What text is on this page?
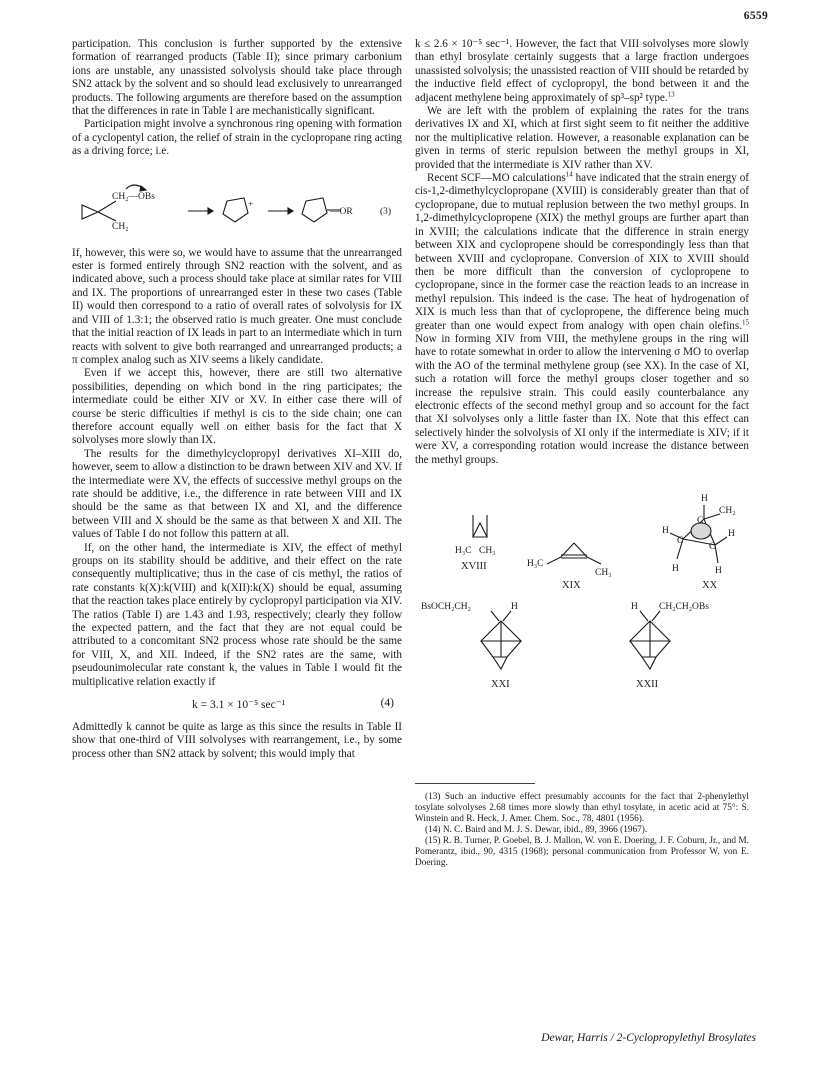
6559

participation. This conclusion is further supported by the extensive formation of rearranged products (Table II); since primary carbonium ions are unstable, any unassisted solvolysis should take place through SN2 attack by the solvent and so should lead exclusively to unrearranged products. The following arguments are therefore based on the assumption that the differences in rate in Table I are mechanistically significant.

Participation might involve a synchronous ring opening with formation of a cyclopentyl cation, the relief of strain in the cyclopropane ring acting as a driving force; i.e.

CH₂—OBs
CH₂
+
—OR	(3)

If, however, this were so, we would have to assume that the unrearranged ester is formed entirely through SN2 reaction with the solvent, and as indicated above, such a process should take place at similar rates for VIII and IX. The proportions of unrearranged ester in these two cases (Table II) would then correspond to a ratio of overall rates of solvolysis for IX and VIII of 1.3:1; the observed ratio is much greater. One must conclude that the initial reaction of IX leads in part to an intermediate which in turn reacts with solvent to give both rearranged and unrearranged products; a π complex analog such as XIV seems a likely candidate.

Even if we accept this, however, there are still two alternative possibilities, depending on which bond in the ring participates; the intermediate could be either XIV or XV. In either case there will of course be steric difficulties if methyl is cis to the side chain; one can therefore account equally well on either basis for the fact that X solvolyses more slowly than IX.

The results for the dimethylcyclopropyl derivatives XI–XIII do, however, seem to allow a distinction to be drawn between XIV and XV. If the intermediate were XV, the effects of successive methyl groups on the rate should be additive, i.e., the difference in rate between VIII and IX should be the same as that between IX and XI, and the difference between VIII and X should be the same as that between X and XII. The values of Table I do not follow this pattern at all.

If, on the other hand, the intermediate is XIV, the effect of methyl groups on its stability should be additive, and their effect on the rate consequently multiplicative; thus in the case of cis methyl, the ratios of rate constants k(X):k(VIII) and k(XII):k(X) should be equal, assuming that the reaction takes place entirely by cyclopropyl participation via XIV. The ratios (Table I) are 1.43 and 1.93, respectively; clearly they follow the expected pattern, and the fact that they are not equal could be attributed to a concomitant SN2 process whose rate should be the same for VIII, X, and XII. Indeed, if the SN2 rates are the same, with pseudounimolecular rate constant k, the values in Table I would fit the multiplicative relation exactly if

k = 3.1 × 10⁻⁵ sec⁻¹	(4)

Admittedly k cannot be quite as large as this since the results in Table II show that one-third of VIII solvolyses with rearrangement, i.e., by some process other than SN2 attack by solvent; this would imply that

k ≤ 2.6 × 10⁻⁵ sec⁻¹. However, the fact that VIII solvolyses more slowly than ethyl brosylate certainly suggests that a large fraction undergoes unassisted solvolysis; the unassisted reaction of VIII should be retarded by the inductive field effect of cyclopropyl, the bond between it and the adjacent methylene being approximately of sp³–sp² type.$^{13}$

We are left with the problem of explaining the rates for the trans derivatives IX and XI, which at first sight seem to fit neither the additive nor the multiplicative relation. However, a reasonable explanation can be given in terms of steric repulsion between the methyl groups in XI, provided that the intermediate is XIV rather than XV.

Recent SCF—MO calculations$^{14}$ have indicated that the strain energy of cis-1,2-dimethylcyclopropane (XVIII) is considerably greater than that of cyclopropane, due to mutual replusion between the two methyl groups. In 1,2-dimethylcyclopropene (XIX) the methyl groups are further apart than in XVIII; the calculations indicate that the difference in strain energy between XIX and cyclopropene should be correspondingly less than that between XVIII and cyclopropane. Conversion of XIX to XVIII should then be more difficult than the conversion of cyclopropene to cyclopropane, since in the former case the reaction leads to an increase in methyl repulsion. This indeed is the case. The heat of hydrogenation of XIX is much less than that of cyclopropene, the difference being much greater than one would expect from analogy with open chain olefins.$^{15}$ Now in forming XIV from VIII, the methylene groups in the ring will have to rotate somewhat in order to allow the intervening σ MO to overlap with the AO of the terminal methylene group (see XX). In the case of XI, such a rotation will force the methyl groups closer together and so increase the repulsive strain. This could easily counterbalance any electronic effects of the second methyl group and so account for the fact that XI solvolyses only a little faster than IX. Note that this effect can selectively hinder the solvolysis of XI only if the intermediate is XIV; if it were XV, a corresponding rotation would increase the distance between the methyl groups.

H₃C CH₃
XVIII	H₃C
CH₃
XIX
H
C
CH₂
H
C
C
H
H	H
XX
BsOCH₂CH₂	H
XXI
H CH₂CH₂OBs
XXII

(13) Such an inductive effect presumably accounts for the fact that 2-phenylethyl tosylate solvolyses 2.68 times more slowly than ethyl tosylate, in acetic acid at 75°: S. Winstein and R. Heck, J. Amer. Chem. Soc., 78, 4801 (1956).

(14) N. C. Baird and M. J. S. Dewar, ibid., 89, 3966 (1967).

(15) R. B. Turner, P. Goebel, B. J. Mallon, W. von E. Doering, J. F. Coburn, Jr., and M. Pomerantz, ibid., 90, 4315 (1968); personal communication from Professor W. von E. Doering.

Dewar, Harris / 2-Cyclopropylethyl Brosylates
